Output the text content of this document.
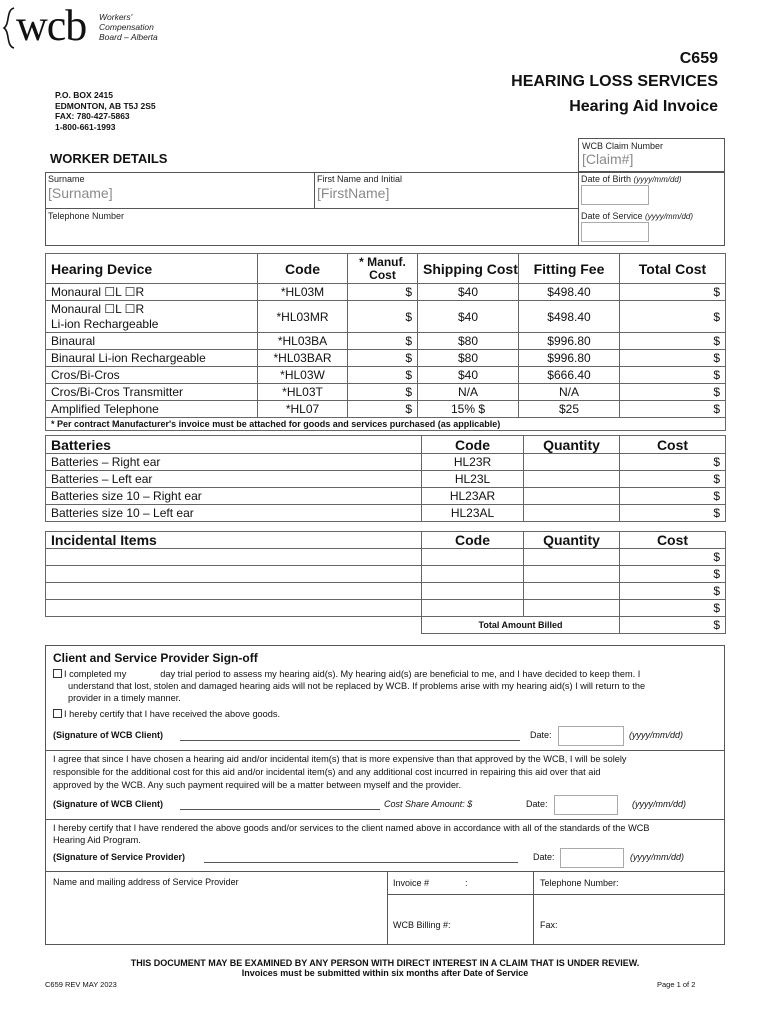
wcb Workers'
Compensation
Board – Alberta
P.O. BOX 2415
EDMONTON, AB T5J 2S5
FAX: 780-427-5863
1-800-661-1993
C659
HEARING LOSS SERVICES
Hearing Aid Invoice
WORKER DETAILS
WCB Claim Number
[Claim#]
Surname
[Surname]
First Name and Initial
[FirstName]
Date of Birth (yyyy/mm/dd)
Telephone Number	Date of Service (yyyy/mm/dd)
Hearing Device	Code	* Manuf. Cost	Shipping Cost	Fitting Fee	Total Cost
Monaural ☐L ☐R	*HL03M	$	$40	$498.40	$

Monaural ☐L ☐R
Li-ion Rechargeable	*HL03MR	$	$40	$498.40	$
Binaural	*HL03BA	$	$80	$996.80	$
Binaural Li-ion Rechargeable	*HL03BAR	$	$80	$996.80	$
Cros/Bi-Cros	*HL03W	$	$40	$666.40	$
Cros/Bi-Cros Transmitter	*HL03T	$	N/A	N/A	$
Amplified Telephone	*HL07	$	15% $	$25	$
* Per contract Manufacturer's invoice must be attached for goods and services purchased (as applicable)					
Batteries	Code	Quantity	Cost
Batteries – Right ear	HL23R		$
Batteries – Left ear	HL23L		$
Batteries size 10 – Right ear	HL23AR		$
Batteries size 10 – Left ear	HL23AL		$
Incidental Items	Code	Quantity	Cost
			$
			$
			$
			$
	Total Amount Billed		$
Client and Service Provider Sign-off
I completed my	day trial period to assess my hearing aid(s). My hearing aid(s) are beneficial to me, and I have decided to keep them. I
understand that lost, stolen and damaged hearing aids will not be replaced by WCB. If problems arise with my hearing aid(s) I will return to the
provider in a timely manner.
I hereby certify that I have received the above goods.
(Signature of WCB Client)	Date:	(yyyy/mm/dd)
I agree that since I have chosen a hearing aid and/or incidental item(s) that is more expensive than that approved by the WCB, I will be solely
responsible for the additional cost for this aid and/or incidental item(s) and any additional cost incurred in repairing this aid over that aid
approved by the WCB. Any such payment required will be a matter between myself and the provider.
(Signature of WCB Client)	Cost Share Amount: $	Date:	(yyyy/mm/dd)
I hereby certify that I have rendered the above goods and/or services to the client named above in accordance with all of the standards of the WCB
Hearing Aid Program.
(Signature of Service Provider)	Date:	(yyyy/mm/dd)
Name and mailing address of Service Provider	Invoice #	:	Telephone Number:
WCB Billing #:	Fax:
THIS DOCUMENT MAY BE EXAMINED BY ANY PERSON WITH DIRECT INTEREST IN A CLAIM THAT IS UNDER REVIEW.
Invoices must be submitted within six months after Date of Service
C659 REV MAY 2023	Page 1 of 2
